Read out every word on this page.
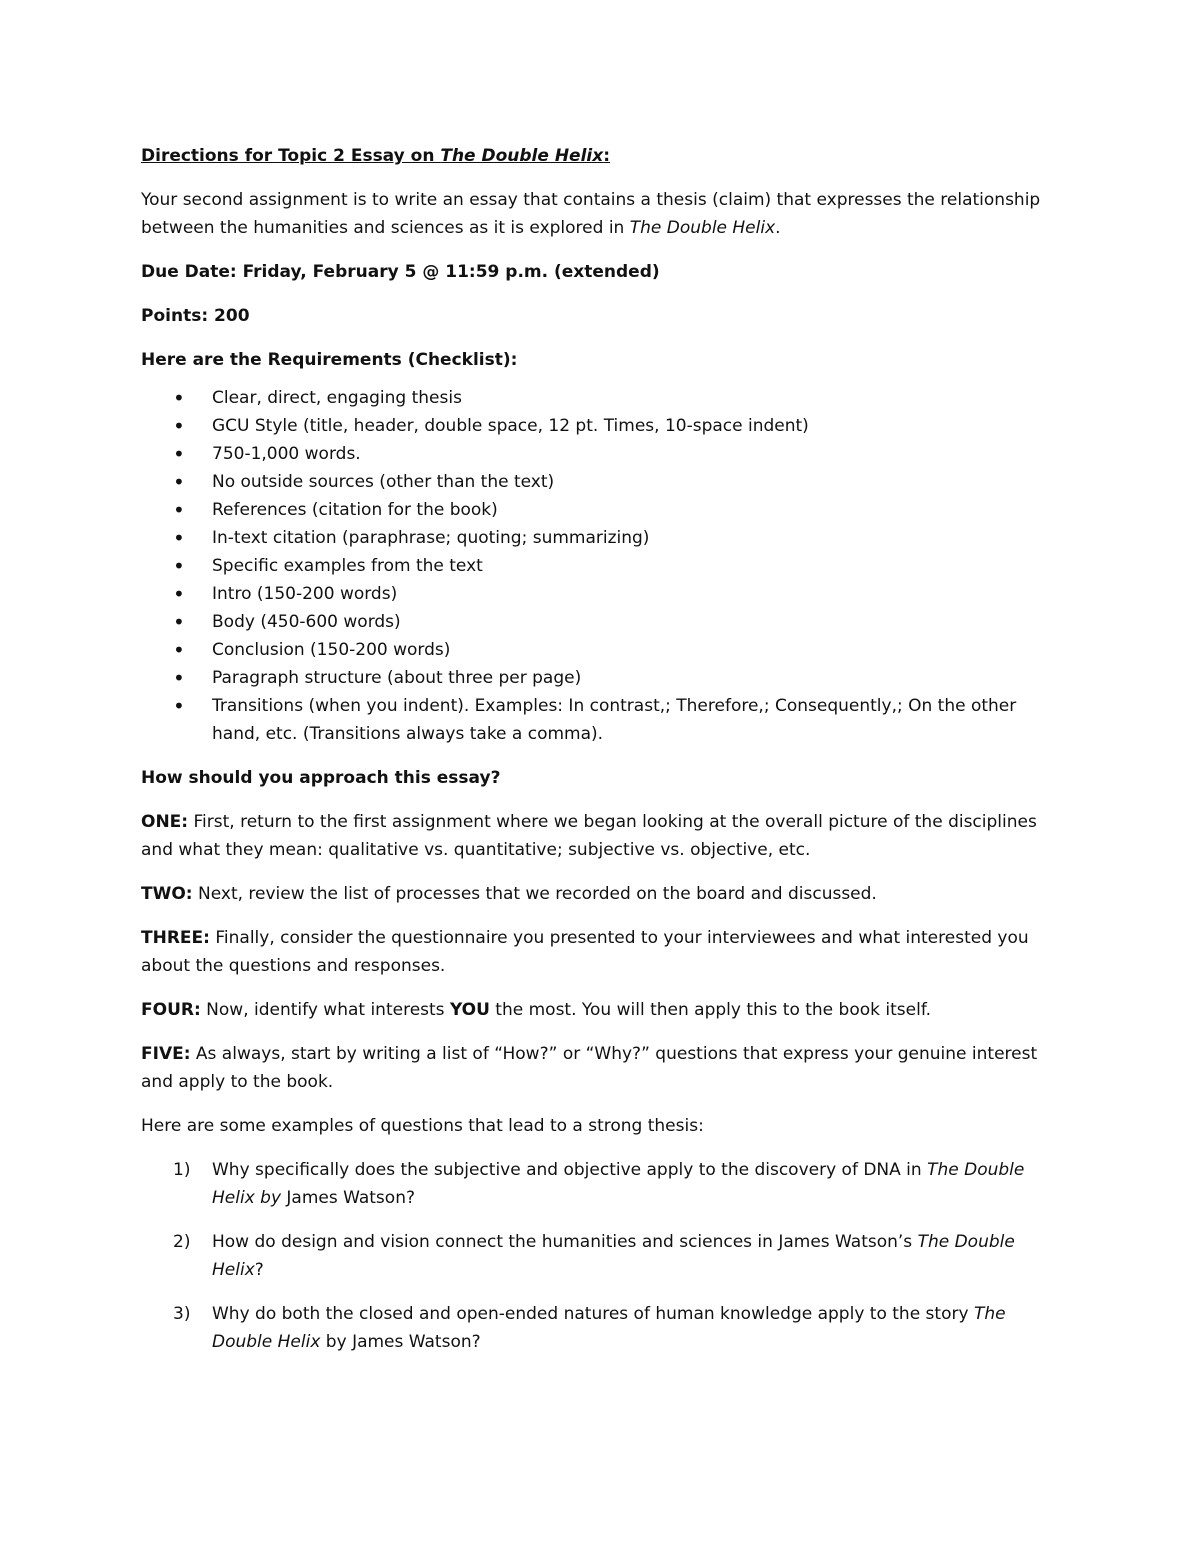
Directions for Topic 2 Essay on The Double Helix:

Your second assignment is to write an essay that contains a thesis (claim) that expresses the relationship between the humanities and sciences as it is explored in The Double Helix.

Due Date: Friday, February 5 @ 11:59 p.m. (extended)

Points: 200

Here are the Requirements (Checklist):

• Clear, direct, engaging thesis
• GCU Style (title, header, double space, 12 pt. Times, 10-space indent)
• 750-1,000 words.
• No outside sources (other than the text)
• References (citation for the book)
• In-text citation (paraphrase; quoting; summarizing)
• Specific examples from the text
• Intro (150-200 words)
• Body (450-600 words)
• Conclusion (150-200 words)
• Paragraph structure (about three per page)
• Transitions (when you indent). Examples: In contrast,; Therefore,; Consequently,; On the other hand, etc. (Transitions always take a comma).

How should you approach this essay?

ONE: First, return to the first assignment where we began looking at the overall picture of the disciplines and what they mean: qualitative vs. quantitative; subjective vs. objective, etc.

TWO: Next, review the list of processes that we recorded on the board and discussed.

THREE: Finally, consider the questionnaire you presented to your interviewees and what interested you about the questions and responses.

FOUR: Now, identify what interests YOU the most. You will then apply this to the book itself.

FIVE: As always, start by writing a list of “How?” or “Why?” questions that express your genuine interest and apply to the book.

Here are some examples of questions that lead to a strong thesis:

1) Why specifically does the subjective and objective apply to the discovery of DNA in The Double Helix by James Watson?
2) How do design and vision connect the humanities and sciences in James Watson’s The Double Helix?
3) Why do both the closed and open-ended natures of human knowledge apply to the story The Double Helix by James Watson?
